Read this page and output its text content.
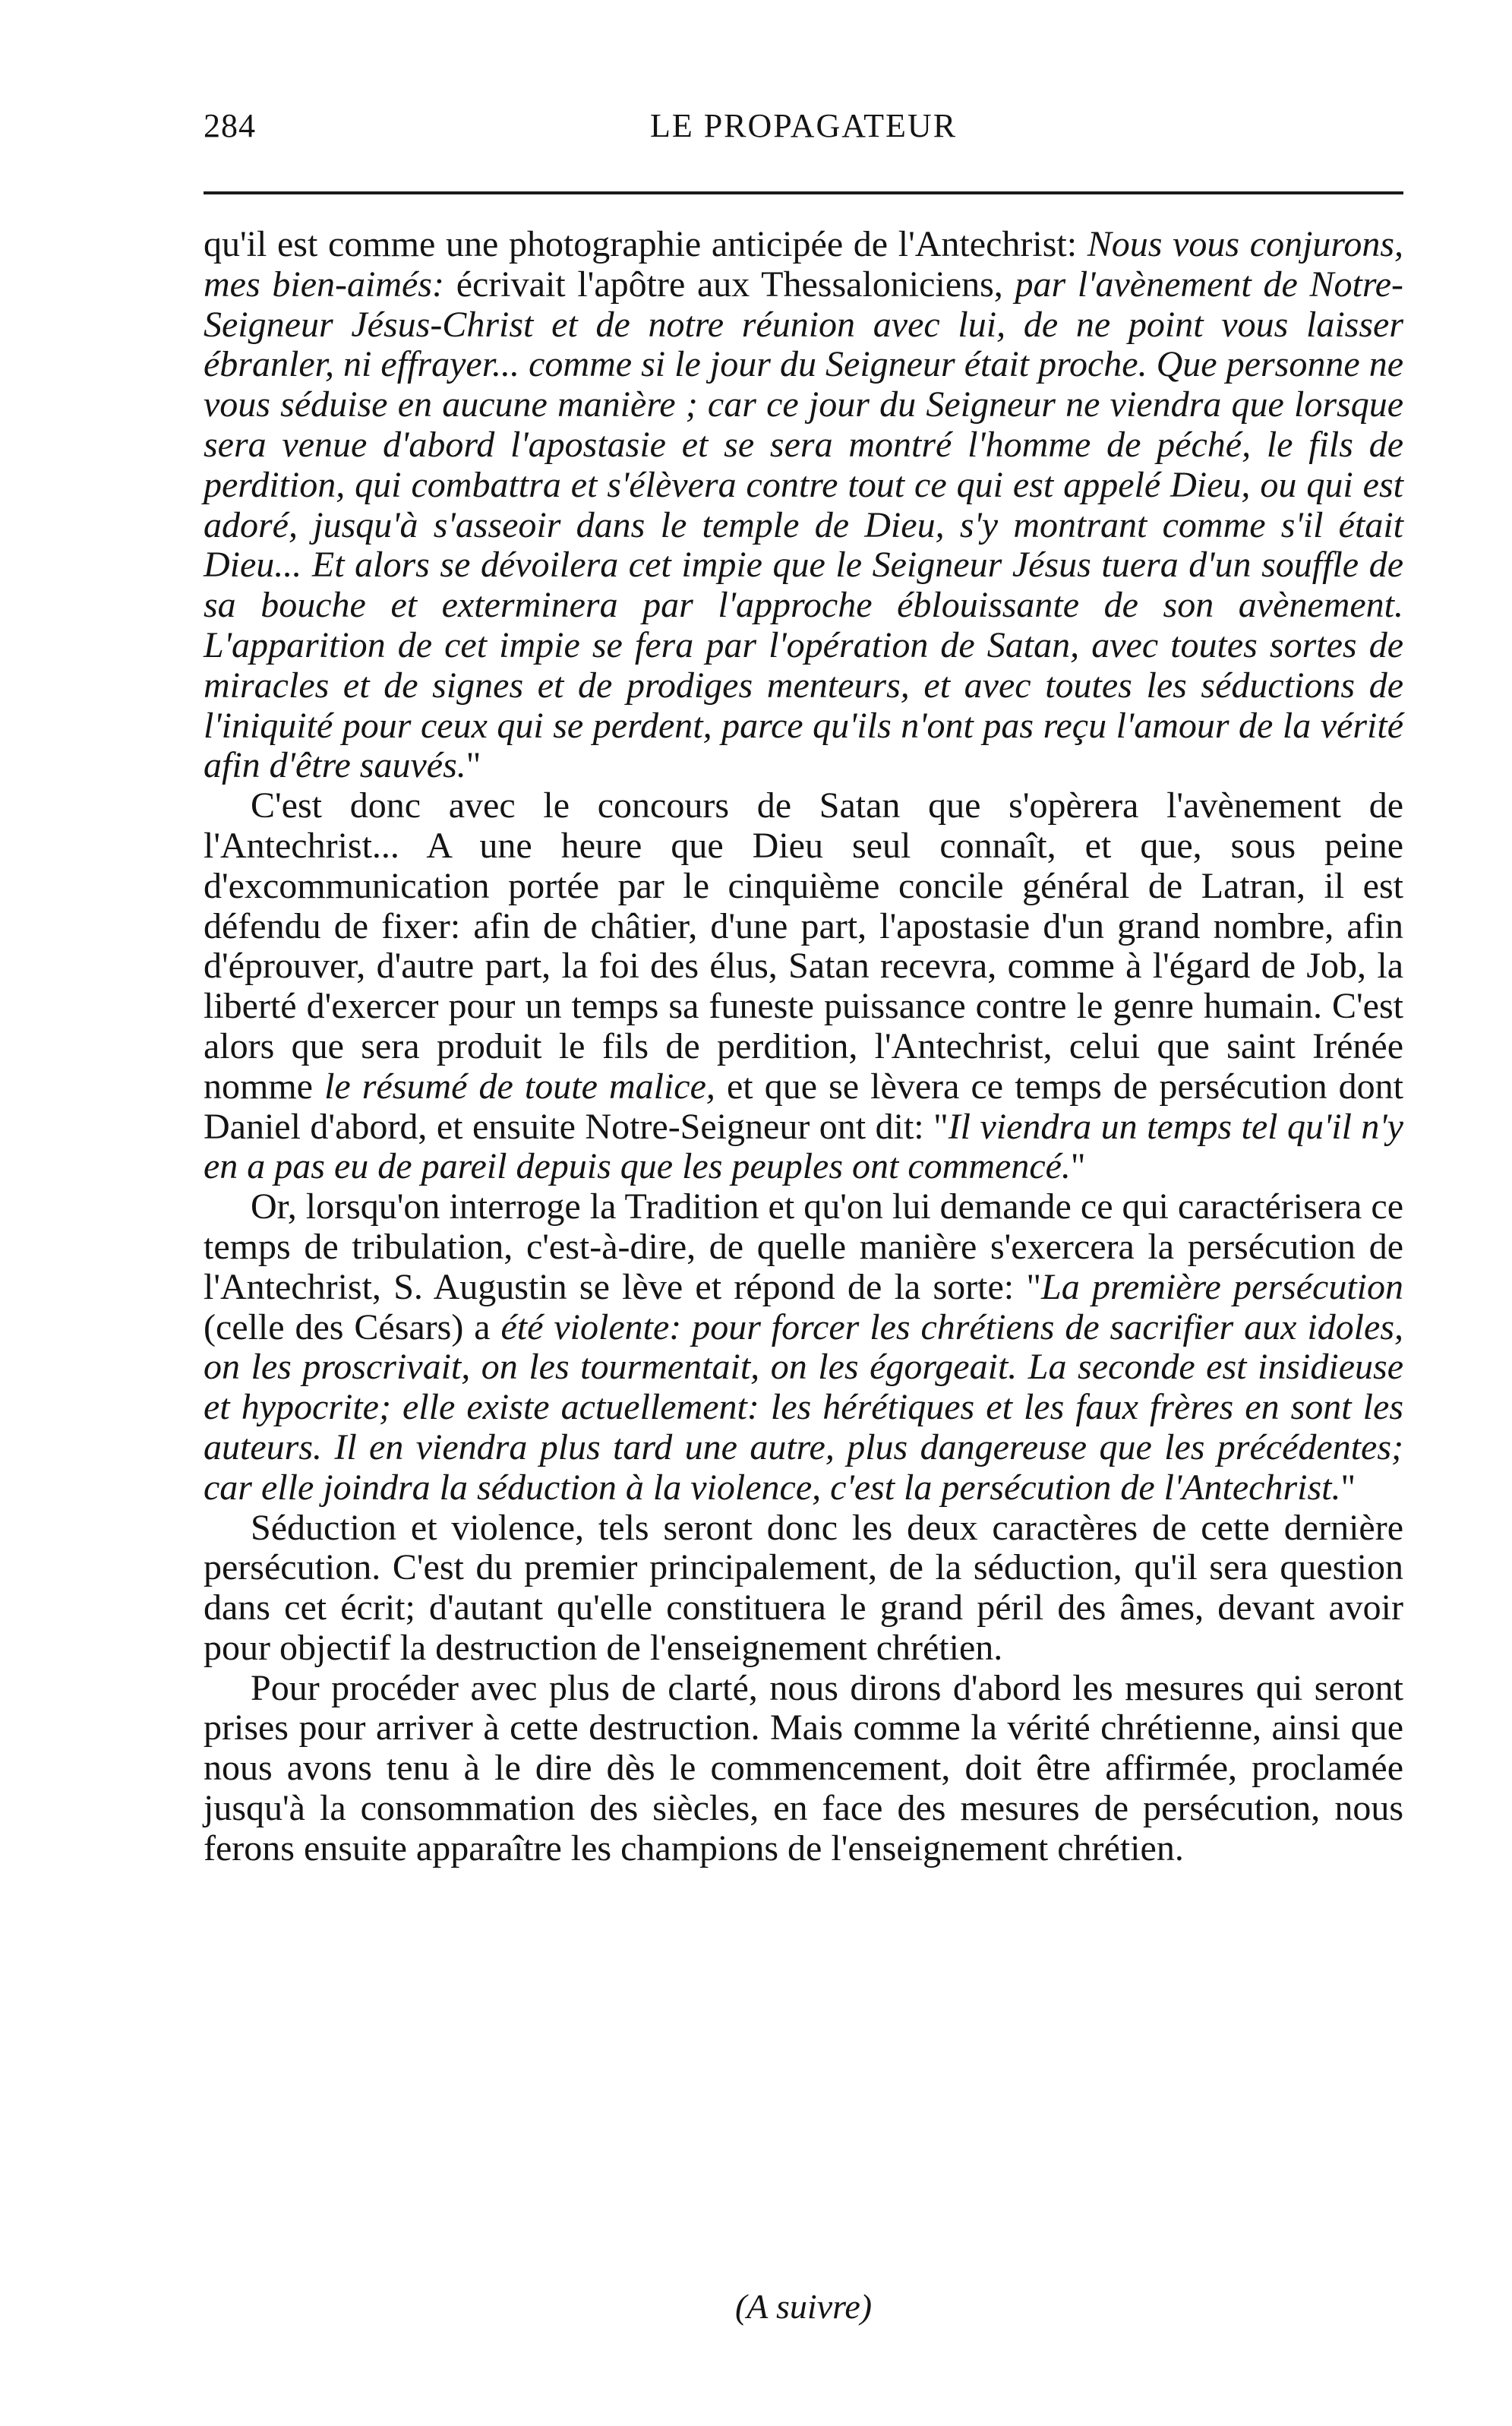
284	LE PROPAGATEUR

qu'il est comme une photographie anticipée de l'Antechrist: Nous vous conjurons, mes bien-aimés: écrivait l'apôtre aux Thessaloniciens, par l'avènement de Notre-Seigneur Jésus-Christ et de notre réunion avec lui, de ne point vous laisser ébranler, ni effrayer... comme si le jour du Seigneur était proche. Que personne ne vous séduise en aucune manière ; car ce jour du Seigneur ne viendra que lorsque sera venue d'abord l'apostasie et se sera montré l'homme de péché, le fils de perdition, qui combattra et s'élèvera contre tout ce qui est appelé Dieu, ou qui est adoré, jusqu'à s'asseoir dans le temple de Dieu, s'y montrant comme s'il était Dieu... Et alors se dévoilera cet impie que le Seigneur Jésus tuera d'un souffle de sa bouche et exterminera par l'approche éblouissante de son avènement. L'apparition de cet impie se fera par l'opération de Satan, avec toutes sortes de miracles et de signes et de prodiges menteurs, et avec toutes les séductions de l'iniquité pour ceux qui se perdent, parce qu'ils n'ont pas reçu l'amour de la vérité afin d'être sauvés."

C'est donc avec le concours de Satan que s'opèrera l'avènement de l'Antechrist... A une heure que Dieu seul connaît, et que, sous peine d'excommunication portée par le cinquième concile général de Latran, il est défendu de fixer: afin de châtier, d'une part, l'apostasie d'un grand nombre, afin d'éprouver, d'autre part, la foi des élus, Satan recevra, comme à l'égard de Job, la liberté d'exercer pour un temps sa funeste puissance contre le genre humain. C'est alors que sera produit le fils de perdition, l'Antechrist, celui que saint Irénée nomme le résumé de toute malice, et que se lèvera ce temps de persécution dont Daniel d'abord, et ensuite Notre-Seigneur ont dit: "Il viendra un temps tel qu'il n'y en a pas eu de pareil depuis que les peuples ont commencé."

Or, lorsqu'on interroge la Tradition et qu'on lui demande ce qui caractérisera ce temps de tribulation, c'est-à-dire, de quelle manière s'exercera la persécution de l'Antechrist, S. Augustin se lève et répond de la sorte: "La première persécution (celle des Césars) a été violente: pour forcer les chrétiens de sacrifier aux idoles, on les proscrivait, on les tourmentait, on les égorgeait. La seconde est insidieuse et hypocrite; elle existe actuellement: les hérétiques et les faux frères en sont les auteurs. Il en viendra plus tard une autre, plus dangereuse que les précédentes; car elle joindra la séduction à la violence, c'est la persécution de l'Antechrist."

Séduction et violence, tels seront donc les deux caractères de cette dernière persécution. C'est du premier principalement, de la séduction, qu'il sera question dans cet écrit; d'autant qu'elle constituera le grand péril des âmes, devant avoir pour objectif la destruction de l'enseignement chrétien.

Pour procéder avec plus de clarté, nous dirons d'abord les mesures qui seront prises pour arriver à cette destruction. Mais comme la vérité chrétienne, ainsi que nous avons tenu à le dire dès le commencement, doit être affirmée, proclamée jusqu'à la consommation des siècles, en face des mesures de persécution, nous ferons ensuite apparaître les champions de l'enseignement chrétien.

(A suivre)
